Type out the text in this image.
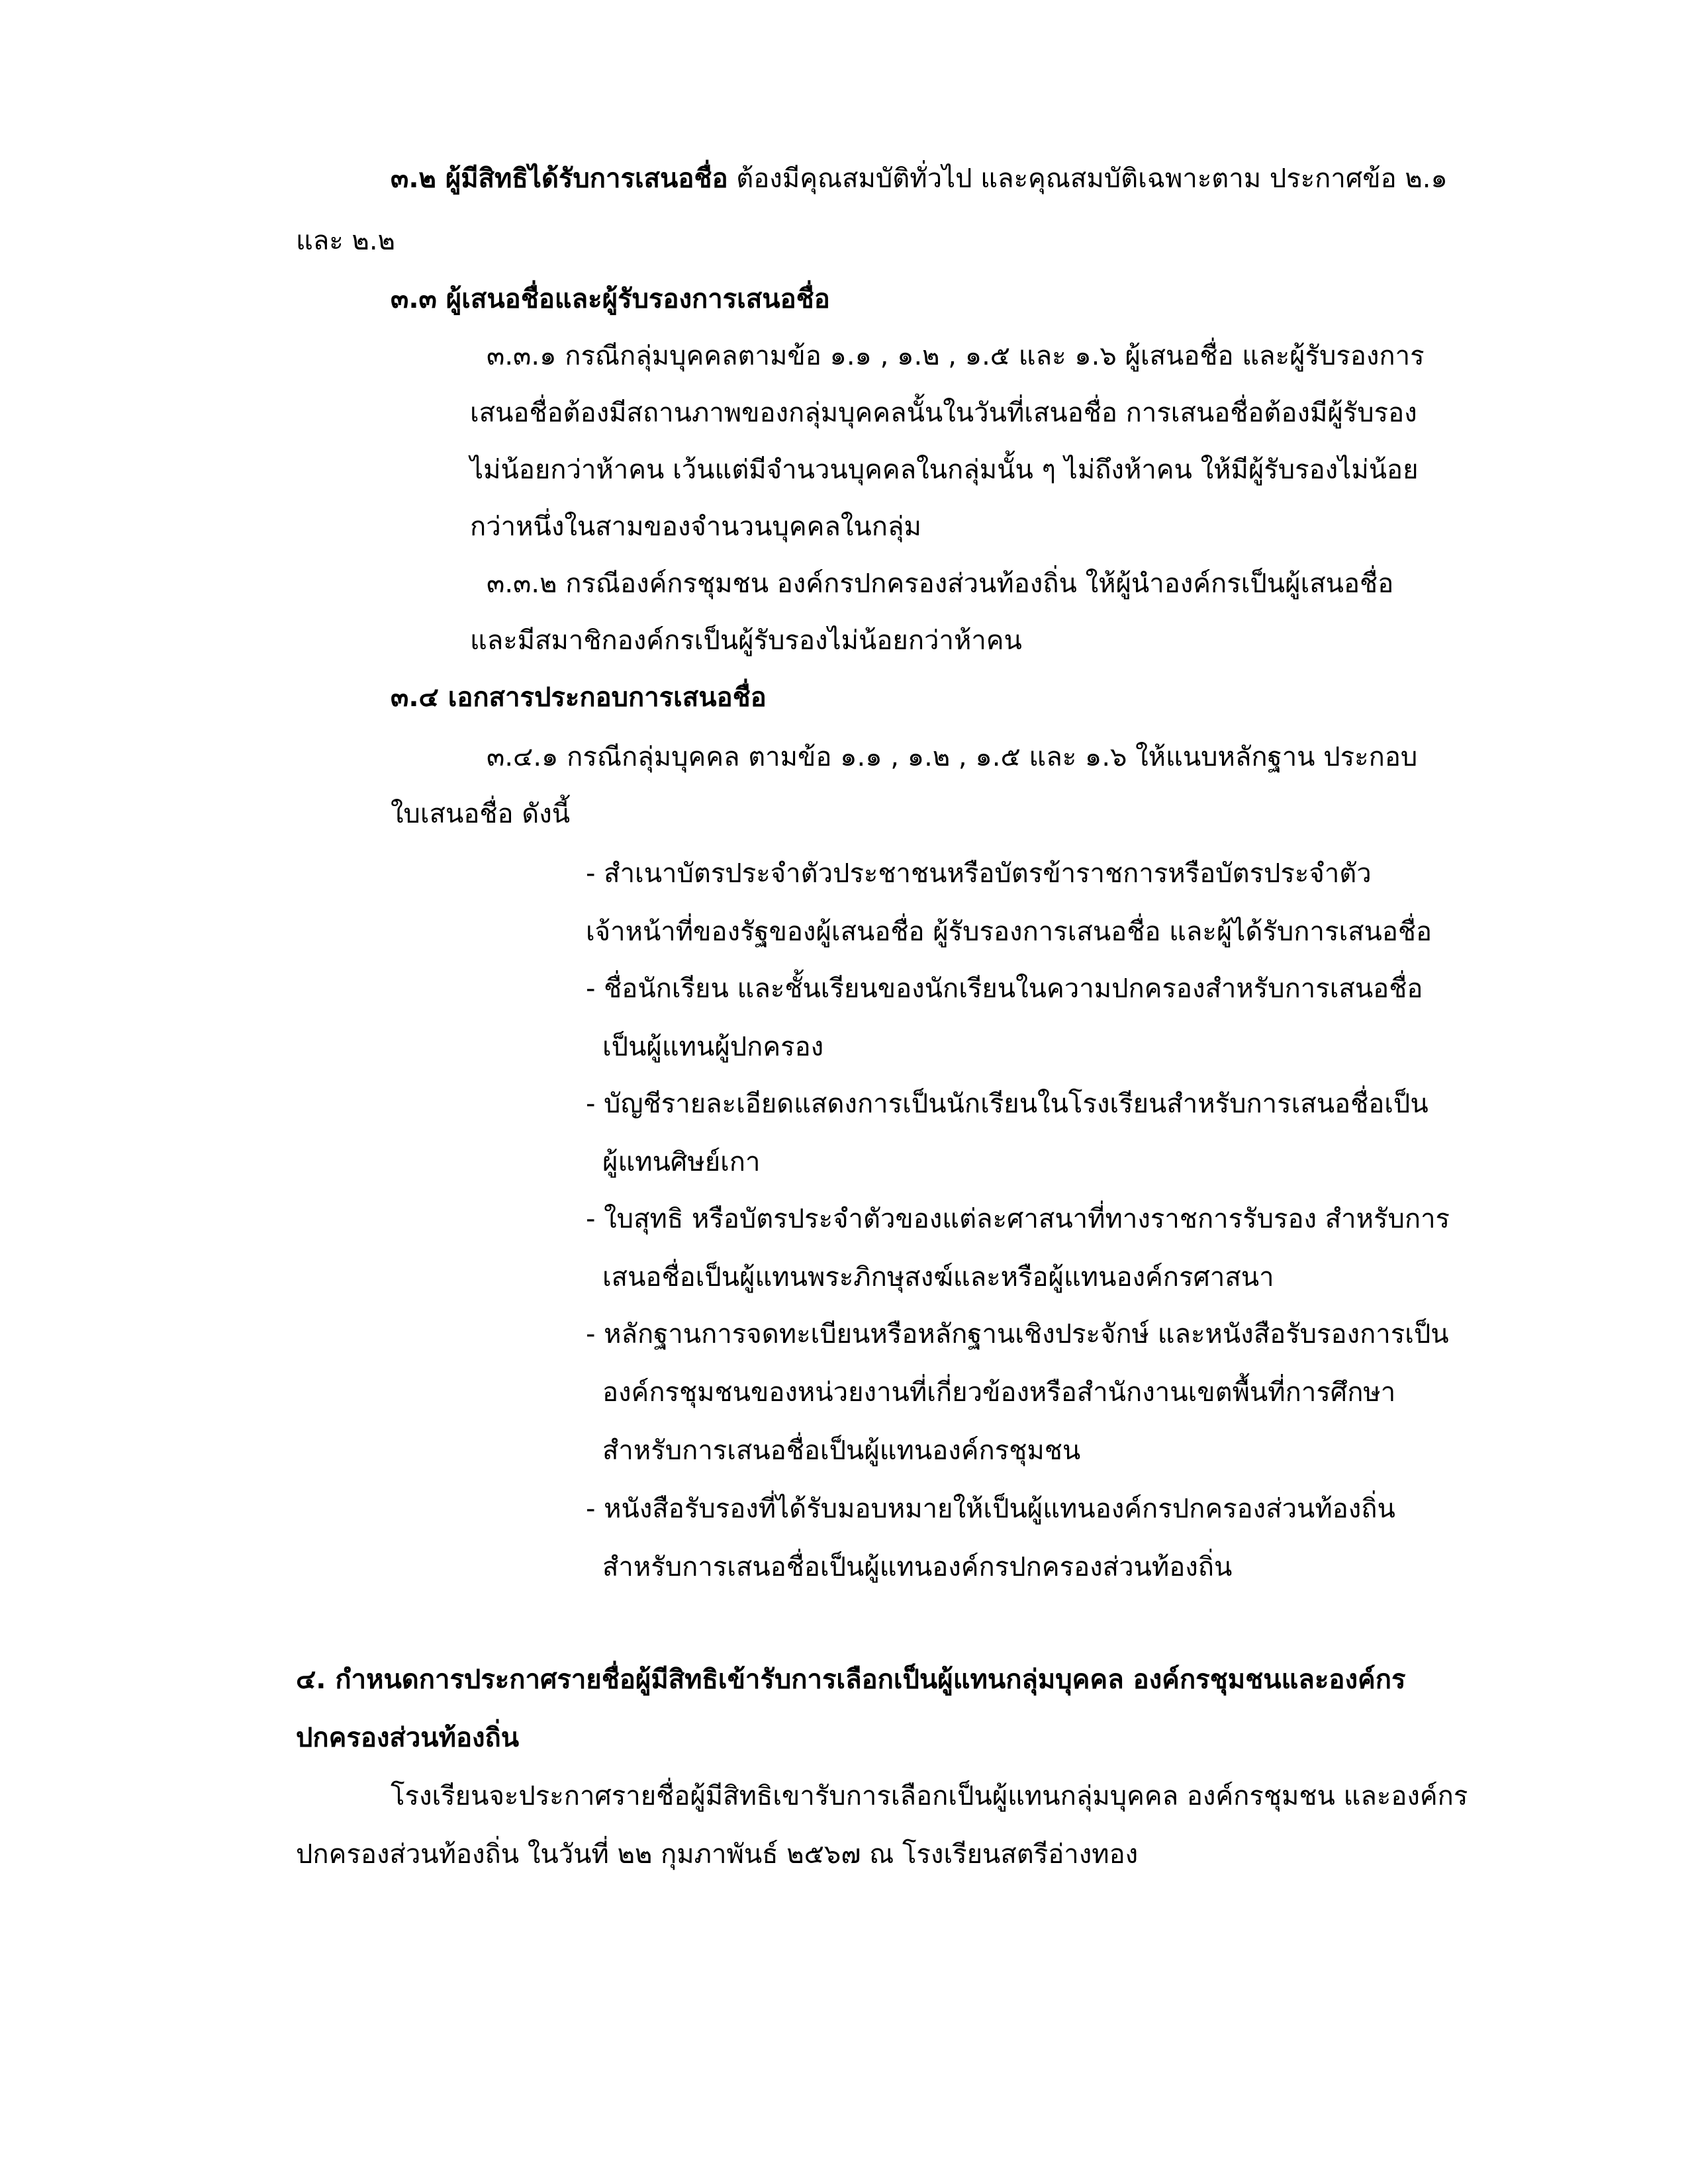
๓.๒ ผู้มีสิทธิได้รับการเสนอชื่อ ต้องมีคุณสมบัติทั่วไป และคุณสมบัติเฉพาะตาม ประกาศข้อ ๒.๑
และ ๒.๒
๓.๓ ผู้เสนอชื่อและผู้รับรองการเสนอชื่อ
๓.๓.๑ กรณีกลุ่มบุคคลตามข้อ ๑.๑ , ๑.๒ , ๑.๕ และ ๑.๖ ผู้เสนอชื่อ และผู้รับรองการ
เสนอชื่อต้องมีสถานภาพของกลุ่มบุคคลนั้นในวันที่เสนอชื่อ การเสนอชื่อต้องมีผู้รับรอง
ไม่น้อยกว่าห้าคน เว้นแต่มีจำนวนบุคคลในกลุ่มนั้น ๆ ไม่ถึงห้าคน ให้มีผู้รับรองไม่น้อย
กว่าหนึ่งในสามของจำนวนบุคคลในกลุ่ม
๓.๓.๒ กรณีองค์กรชุมชน องค์กรปกครองส่วนท้องถิ่น ให้ผู้นำองค์กรเป็นผู้เสนอชื่อ
และมีสมาชิกองค์กรเป็นผู้รับรองไม่น้อยกว่าห้าคน
๓.๔ เอกสารประกอบการเสนอชื่อ
๓.๔.๑ กรณีกลุ่มบุคคล ตามข้อ ๑.๑ , ๑.๒ , ๑.๕ และ ๑.๖ ให้แนบหลักฐาน ประกอบ
ใบเสนอชื่อ ดังนี้
- สำเนาบัตรประจำตัวประชาชนหรือบัตรข้าราชการหรือบัตรประจำตัว
เจ้าหน้าที่ของรัฐของผู้เสนอชื่อ ผู้รับรองการเสนอชื่อ และผู้ได้รับการเสนอชื่อ
- ชื่อนักเรียน และชั้นเรียนของนักเรียนในความปกครองสำหรับการเสนอชื่อ
เป็นผู้แทนผู้ปกครอง
- บัญชีรายละเอียดแสดงการเป็นนักเรียนในโรงเรียนสำหรับการเสนอชื่อเป็น
ผู้แทนศิษย์เกา
- ใบสุทธิ หรือบัตรประจำตัวของแต่ละศาสนาที่ทางราชการรับรอง สำหรับการ
เสนอชื่อเป็นผู้แทนพระภิกษุสงฆ์และหรือผู้แทนองค์กรศาสนา
- หลักฐานการจดทะเบียนหรือหลักฐานเชิงประจักษ์ และหนังสือรับรองการเป็น
องค์กรชุมชนของหน่วยงานที่เกี่ยวข้องหรือสำนักงานเขตพื้นที่การศึกษา
สำหรับการเสนอชื่อเป็นผู้แทนองค์กรชุมชน
- หนังสือรับรองที่ได้รับมอบหมายให้เป็นผู้แทนองค์กรปกครองส่วนท้องถิ่น
สำหรับการเสนอชื่อเป็นผู้แทนองค์กรปกครองส่วนท้องถิ่น
๔. กำหนดการประกาศรายชื่อผู้มีสิทธิเข้ารับการเลือกเป็นผู้แทนกลุ่มบุคคล องค์กรชุมชนและองค์กร
ปกครองส่วนท้องถิ่น
โรงเรียนจะประกาศรายชื่อผู้มีสิทธิเขารับการเลือกเป็นผู้แทนกลุ่มบุคคล องค์กรชุมชน และองค์กร
ปกครองส่วนท้องถิ่น ในวันที่ ๒๒ กุมภาพันธ์ ๒๕๖๗ ณ โรงเรียนสตรีอ่างทอง
